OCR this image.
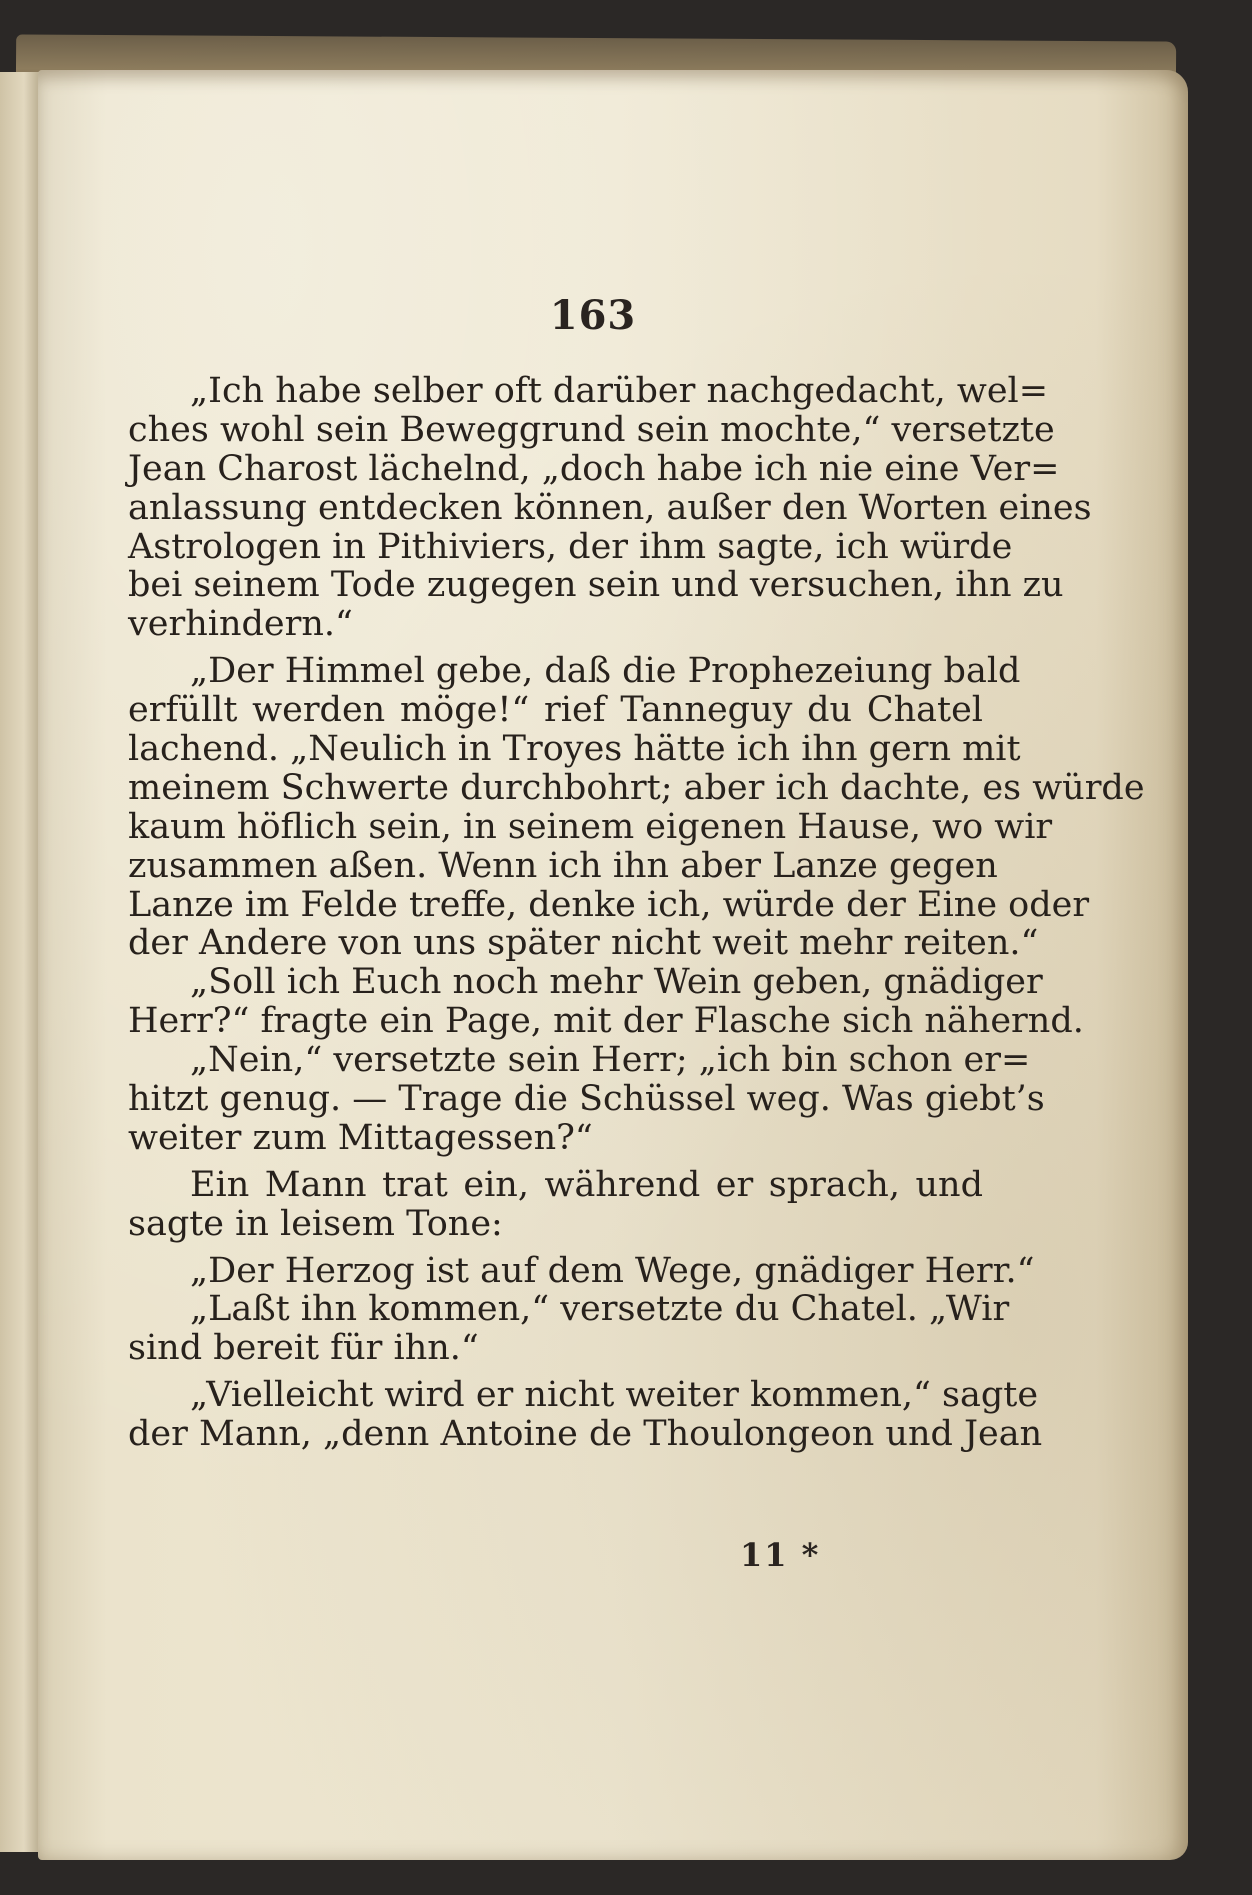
163
„Ich habe selber oft darüber nachgedacht, wel=
ches wohl sein Beweggrund sein mochte,“ versetzte
Jean Charost lächelnd, „doch habe ich nie eine Ver=
anlassung entdecken können, außer den Worten eines
Astrologen in Pithiviers, der ihm sagte, ich würde
bei seinem Tode zugegen sein und versuchen, ihn zu
verhindern.“
„Der Himmel gebe, daß die Prophezeiung bald
erfüllt werden möge!“ rief Tanneguy du Chatel
lachend. „Neulich in Troyes hätte ich ihn gern mit
meinem Schwerte durchbohrt; aber ich dachte, es würde
kaum höflich sein, in seinem eigenen Hause, wo wir
zusammen aßen. Wenn ich ihn aber Lanze gegen
Lanze im Felde treffe, denke ich, würde der Eine oder
der Andere von uns später nicht weit mehr reiten.“
„Soll ich Euch noch mehr Wein geben, gnädiger
Herr?“ fragte ein Page, mit der Flasche sich nähernd.
„Nein,“ versetzte sein Herr; „ich bin schon er=
hitzt genug. — Trage die Schüssel weg. Was giebt’s
weiter zum Mittagessen?“
Ein Mann trat ein, während er sprach, und
sagte in leisem Tone:
„Der Herzog ist auf dem Wege, gnädiger Herr.“
„Laßt ihn kommen,“ versetzte du Chatel. „Wir
sind bereit für ihn.“
„Vielleicht wird er nicht weiter kommen,“ sagte
der Mann, „denn Antoine de Thoulongeon und Jean
11 *
